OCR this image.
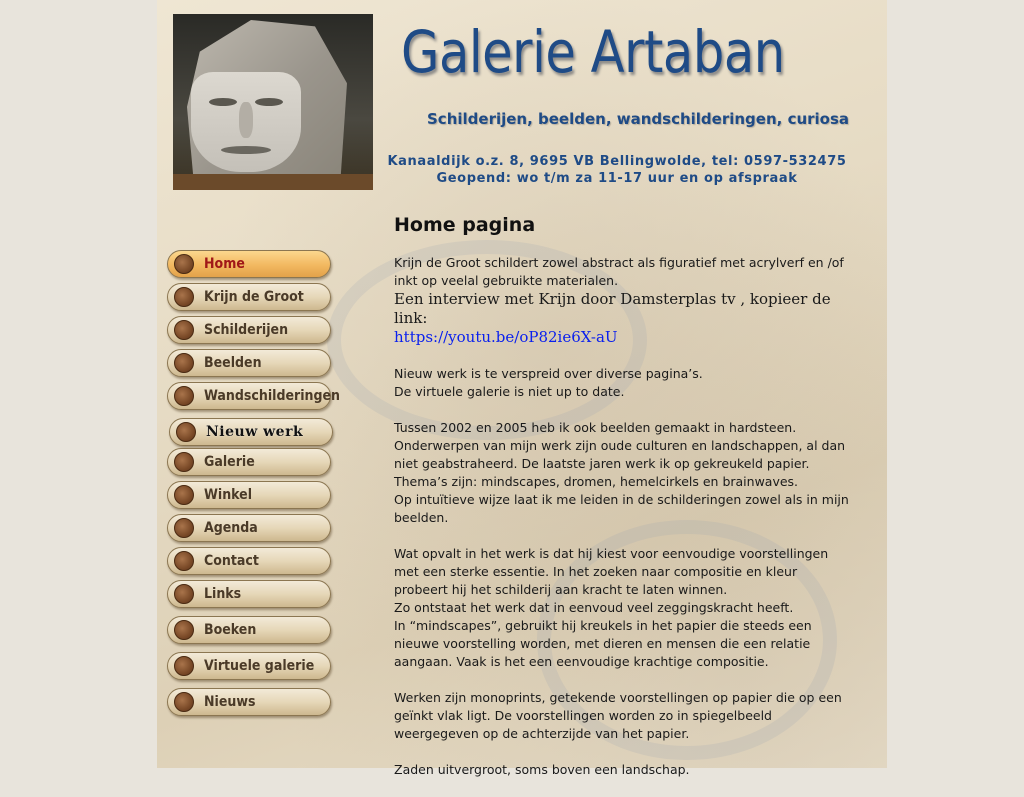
Galerie Artaban
Schilderijen, beelden, wandschilderingen, curiosa
Kanaaldijk o.z. 8, 9695 VB Bellingwolde, tel: 0597-532475
Geopend: wo t/m za 11-17 uur en op afspraak
Home
Krijn de Groot
Schilderijen
Beelden
Wandschilderingen
Nieuw werk
Galerie
Winkel
Agenda
Contact
Links
Boeken
Virtuele galerie
Nieuws
Home pagina

Krijn de Groot schildert zowel abstract als figuratief met acrylverf en /of inkt op veelal gebruikte materialen.

Een interview met Krijn door Damsterplas tv , kopieer de link:
https://youtu.be/oP82ie6X-aU

Nieuw werk is te verspreid over diverse pagina’s.
De virtuele galerie is niet up to date.

Tussen 2002 en 2005 heb ik ook beelden gemaakt in hardsteen.
Onderwerpen van mijn werk zijn oude culturen en landschappen, al dan niet geabstraheerd. De laatste jaren werk ik op gekreukeld papier.
Thema’s zijn: mindscapes, dromen, hemelcirkels en brainwaves.
Op intuïtieve wijze laat ik me leiden in de schilderingen zowel als in mijn beelden.

Wat opvalt in het werk is dat hij kiest voor eenvoudige voorstellingen met een sterke essentie. In het zoeken naar compositie en kleur probeert hij het schilderij aan kracht te laten winnen.
Zo ontstaat het werk dat in eenvoud veel zeggingskracht heeft.
In “mindscapes”, gebruikt hij kreukels in het papier die steeds een nieuwe voorstelling worden, met dieren en mensen die een relatie aangaan. Vaak is het een eenvoudige krachtige compositie.

Werken zijn monoprints, getekende voorstellingen op papier die op een geïnkt vlak ligt. De voorstellingen worden zo in spiegelbeeld weergegeven op de achterzijde van het papier.

Zaden uitvergroot, soms boven een landschap.
